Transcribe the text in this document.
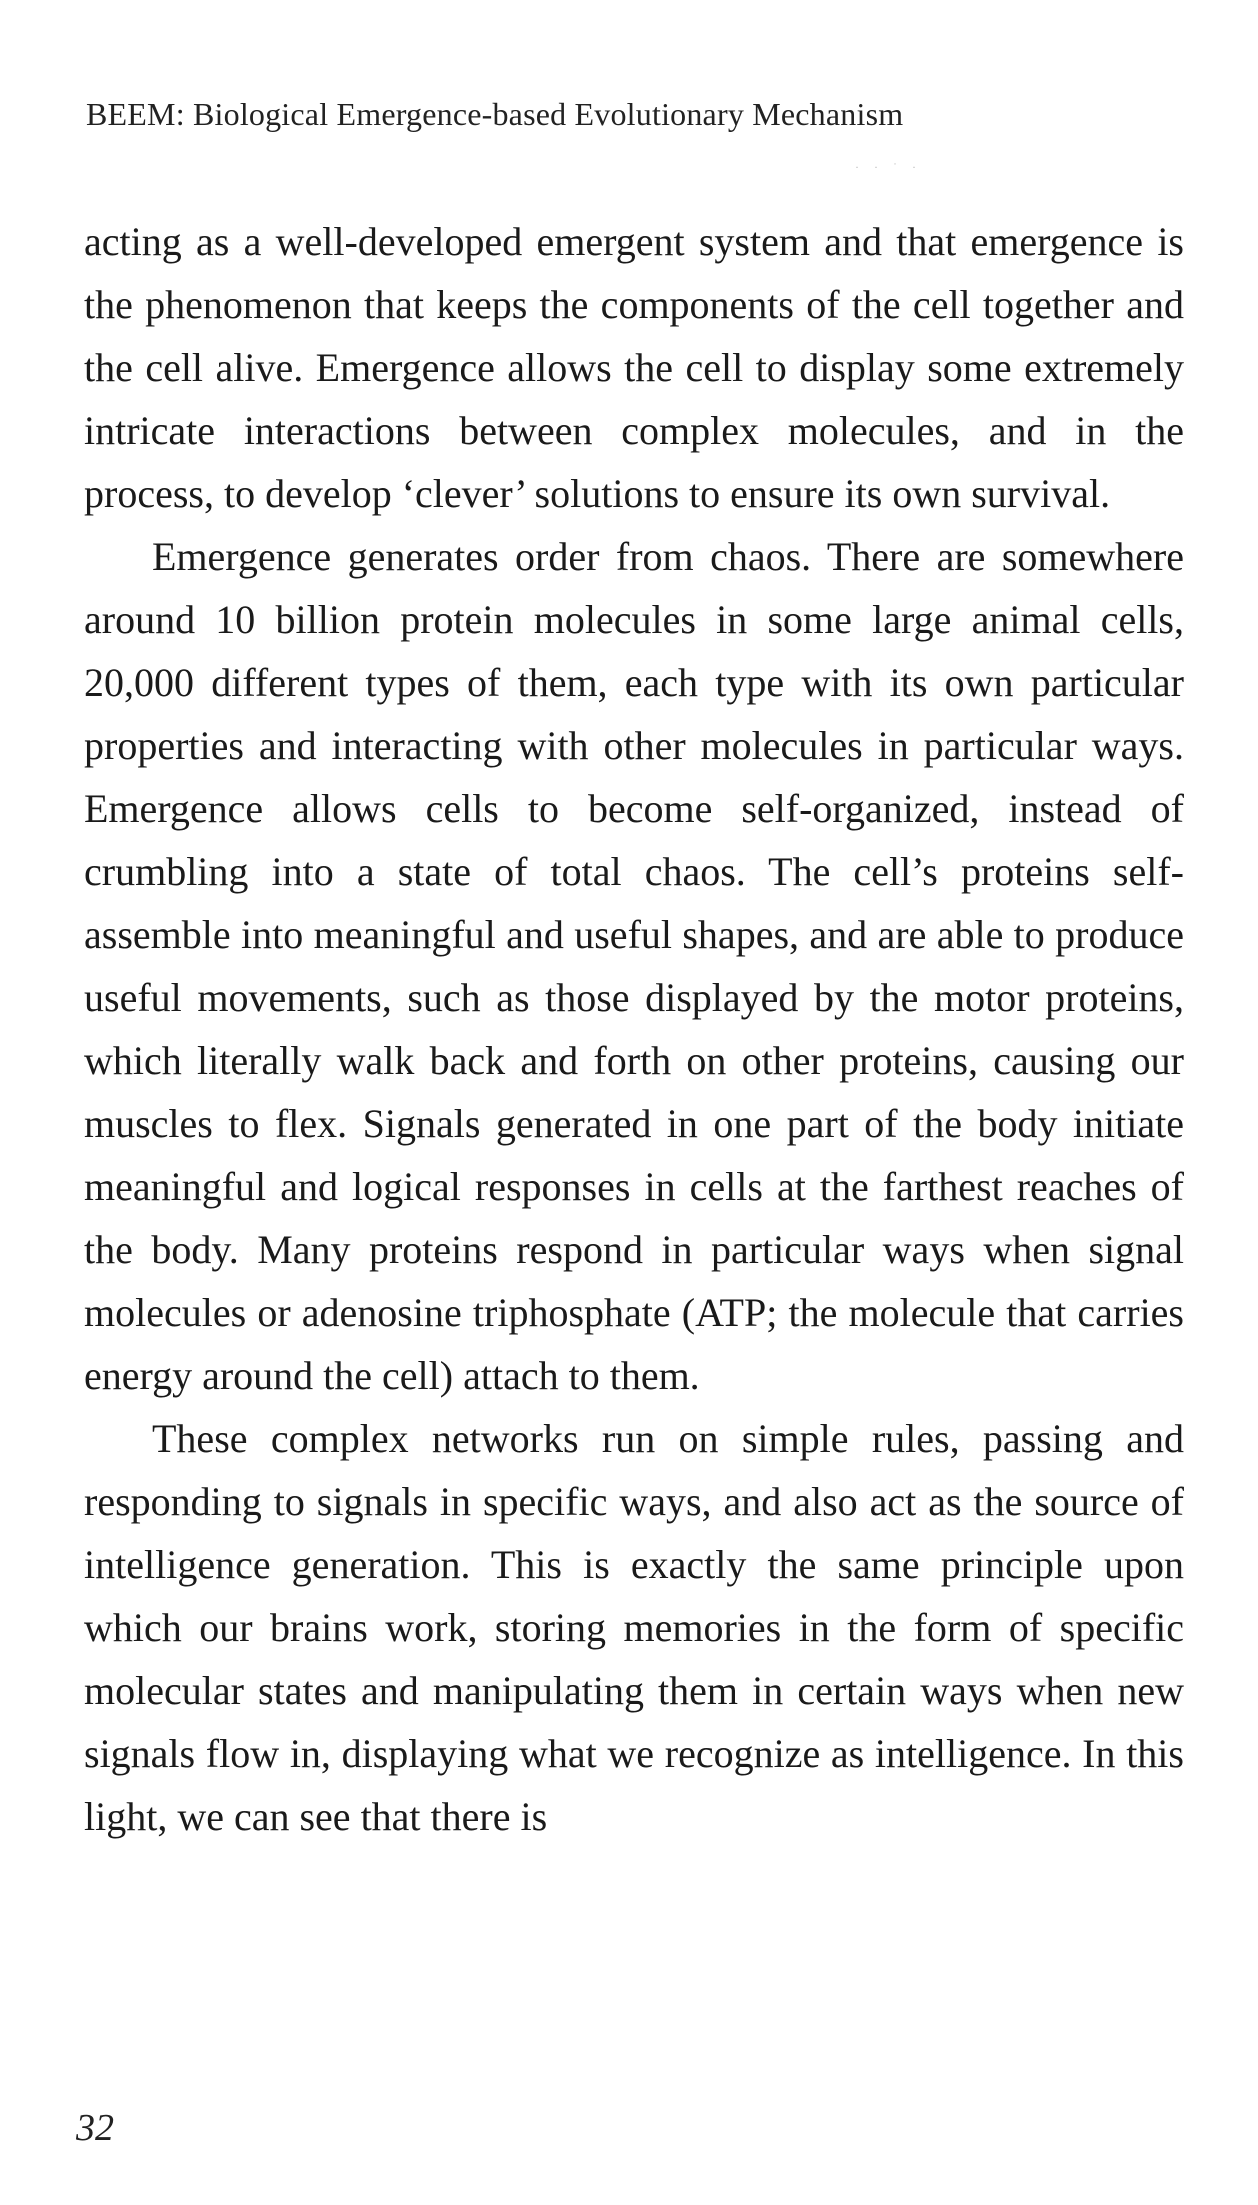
BEEM: Biological Emergence-based Evolutionary Mechanism
· · ˙ ·

acting as a well-developed emergent system and that emergence is the phenomenon that keeps the components of the cell together and the cell alive. Emergence allows the cell to display some extremely intricate interactions between complex molecules, and in the process, to develop ‘clever’ solutions to ensure its own survival.

Emergence generates order from chaos. There are somewhere around 10 billion protein molecules in some large animal cells, 20,000 different types of them, each type with its own particular properties and interacting with other molecules in particular ways. Emergence allows cells to become self-organized, instead of crumbling into a state of total chaos. The cell’s proteins self-assemble into meaningful and useful shapes, and are able to produce useful movements, such as those displayed by the motor proteins, which literally walk back and forth on other proteins, causing our muscles to flex. Signals generated in one part of the body initiate meaningful and logical responses in cells at the farthest reaches of the body. Many proteins respond in particular ways when signal molecules or adenosine triphosphate (ATP; the molecule that carries energy around the cell) attach to them.

These complex networks run on simple rules, passing and responding to signals in specific ways, and also act as the source of intelligence generation. This is exactly the same principle upon which our brains work, storing memories in the form of specific molecular states and manipulating them in certain ways when new signals flow in, displaying what we recognize as intelligence. In this light, we can see that there is

32
